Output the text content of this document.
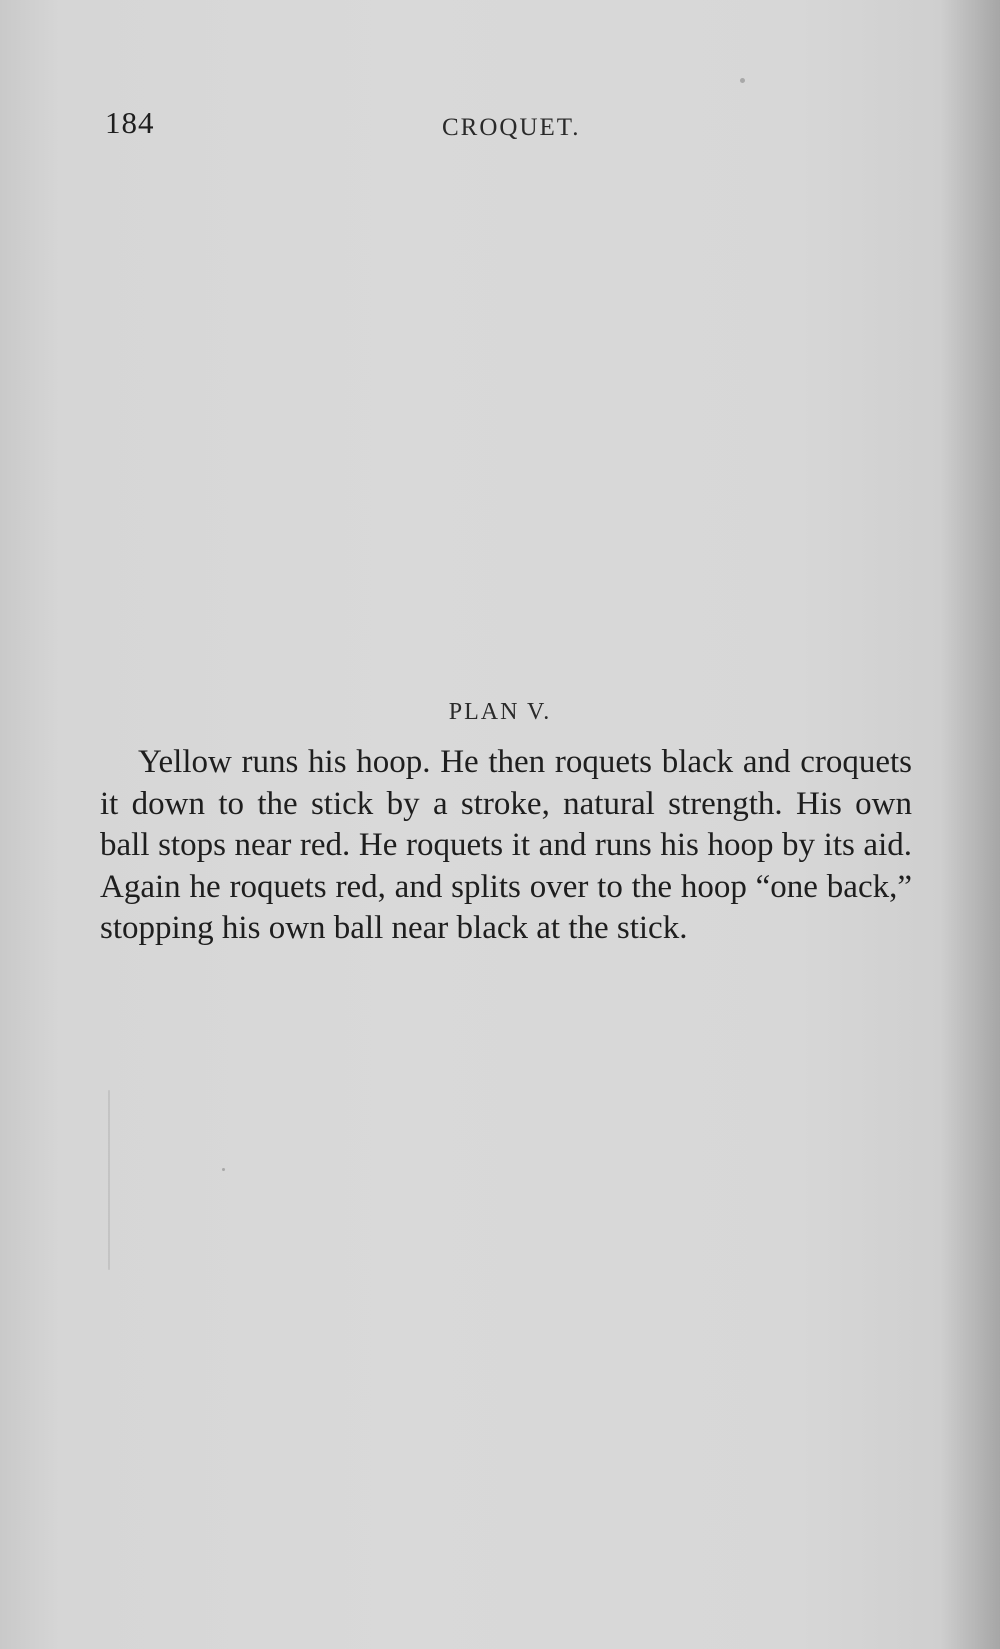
184	CROQUET.
PLAN V.

Yellow runs his hoop. He then roquets black and croquets it down to the stick by a stroke, natural strength. His own ball stops near red. He roquets it and runs his hoop by its aid. Again he roquets red, and splits over to the hoop “one back,” stopping his own ball near black at the stick.
